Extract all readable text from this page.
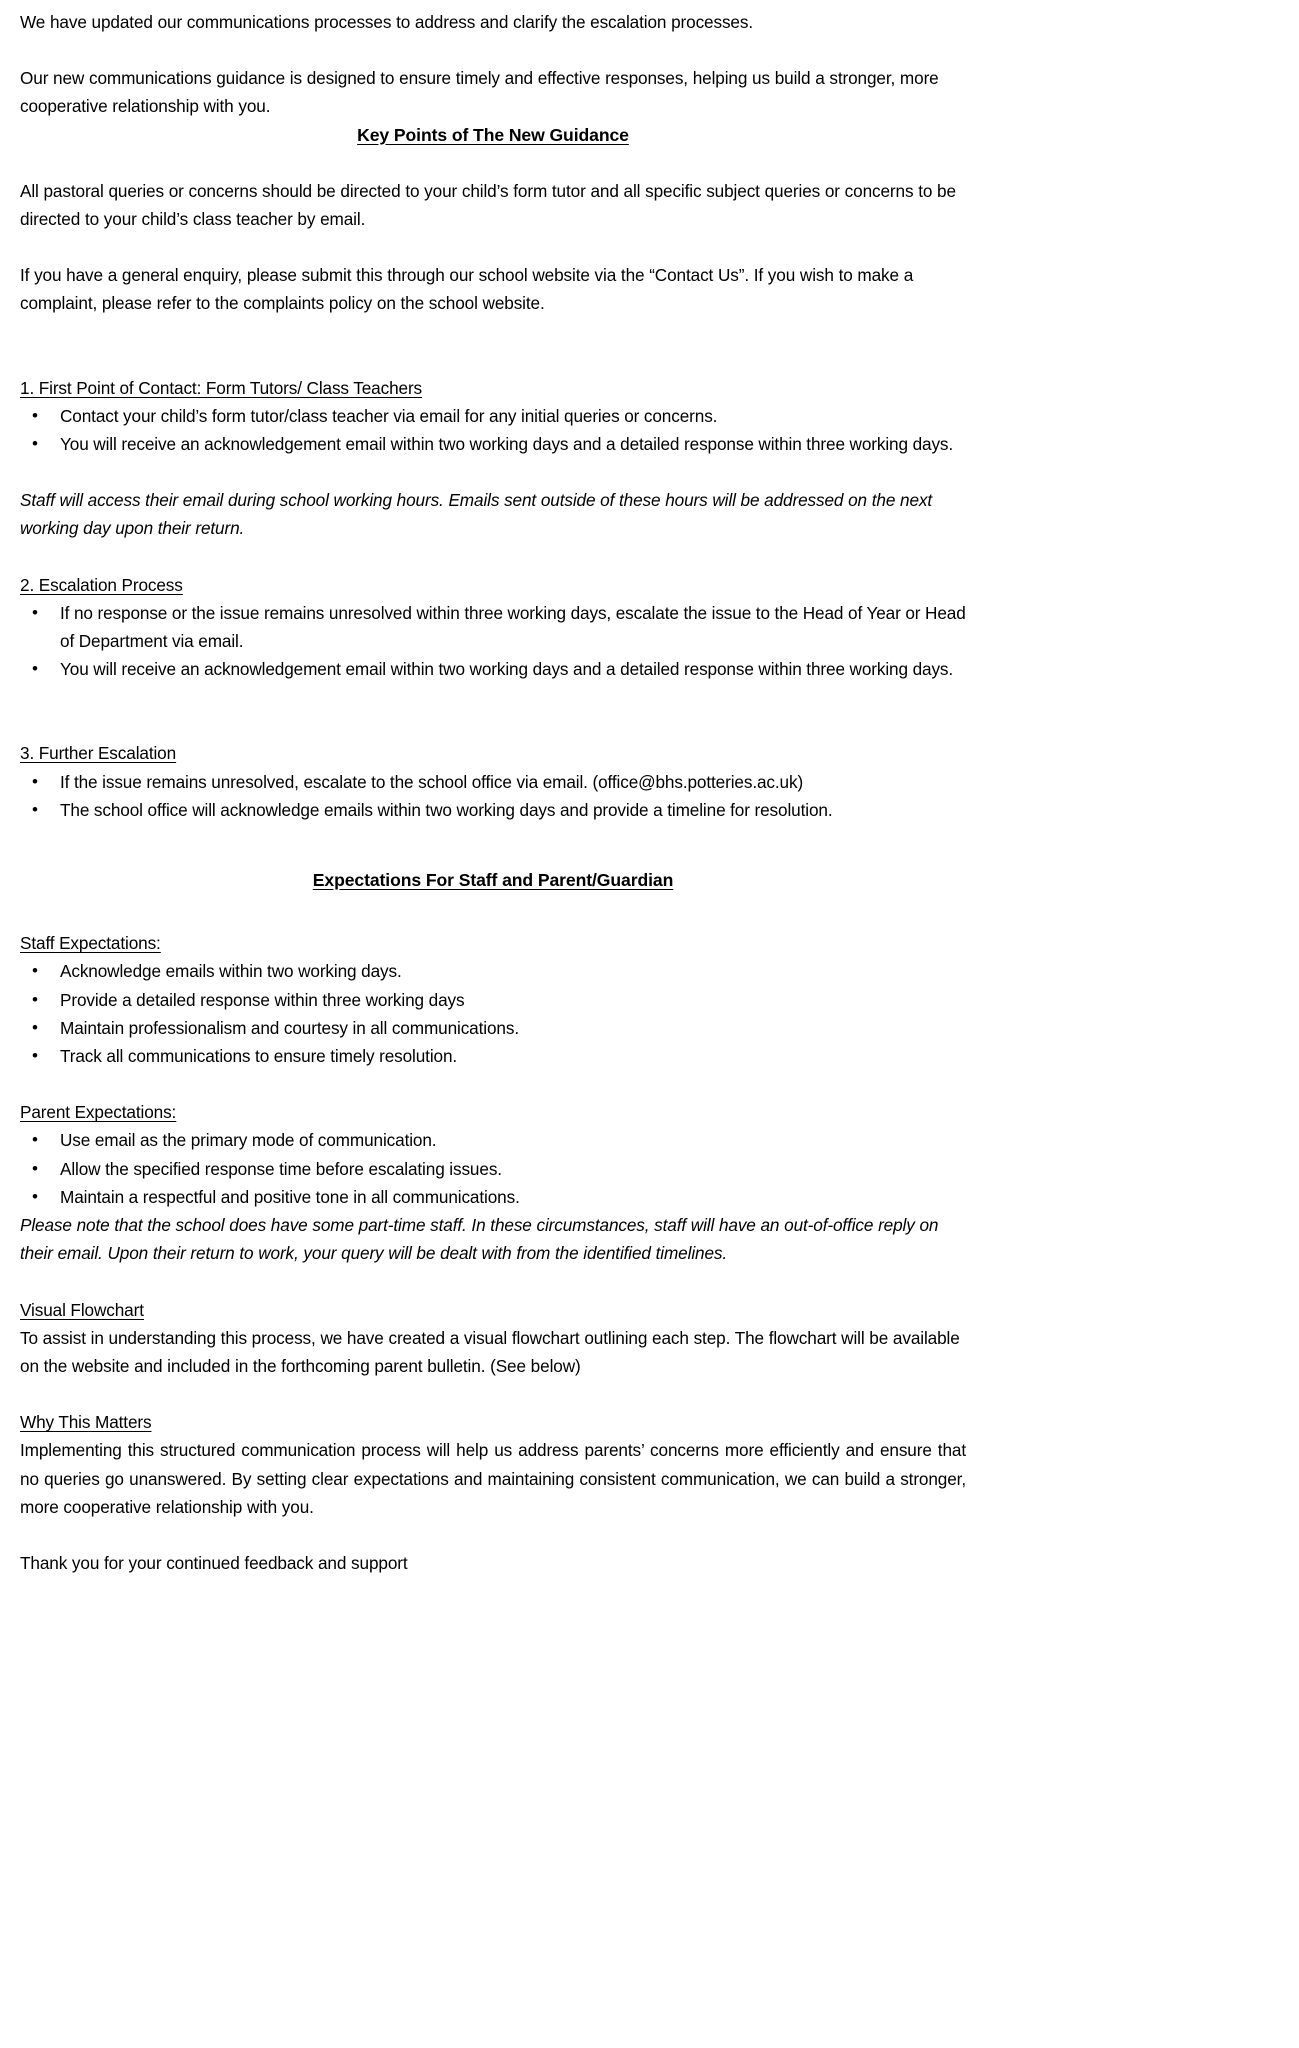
We have updated our communications processes to address and clarify the escalation processes.

Our new communications guidance is designed to ensure timely and effective responses, helping us build a stronger, more cooperative relationship with you.

Key Points of The New Guidance

All pastoral queries or concerns should be directed to your child’s form tutor and all specific subject queries or concerns to be directed to your child’s class teacher by email.

If you have a general enquiry, please submit this through our school website via the “Contact Us”. If you wish to make a complaint, please refer to the complaints policy on the school website.

1. First Point of Contact: Form Tutors/ Class Teachers
• Contact your child’s form tutor/class teacher via email for any initial queries or concerns.
• You will receive an acknowledgement email within two working days and a detailed response within three working days.

Staff will access their email during school working hours. Emails sent outside of these hours will be addressed on the next working day upon their return.

2. Escalation Process
• If no response or the issue remains unresolved within three working days, escalate the issue to the Head of Year or Head of Department via email.
• You will receive an acknowledgement email within two working days and a detailed response within three working days.
3. Further Escalation
• If the issue remains unresolved, escalate to the school office via email. (office@bhs.potteries.ac.uk)
• The school office will acknowledge emails within two working days and provide a timeline for resolution.
Expectations For Staff and Parent/Guardian
Staff Expectations:
• Acknowledge emails within two working days.
• Provide a detailed response within three working days
• Maintain professionalism and courtesy in all communications.
• Track all communications to ensure timely resolution.
Parent Expectations:
• Use email as the primary mode of communication.
• Allow the specified response time before escalating issues.
• Maintain a respectful and positive tone in all communications.

Please note that the school does have some part-time staff. In these circumstances, staff will have an out-of-office reply on their email. Upon their return to work, your query will be dealt with from the identified timelines.

Visual Flowchart

To assist in understanding this process, we have created a visual flowchart outlining each step. The flowchart will be available on the website and included in the forthcoming parent bulletin. (See below)

Why This Matters

Implementing this structured communication process will help us address parents’ concerns more efficiently and ensure that no queries go unanswered. By setting clear expectations and maintaining consistent communication, we can build a stronger, more cooperative relationship with you.

Thank you for your continued feedback and support
